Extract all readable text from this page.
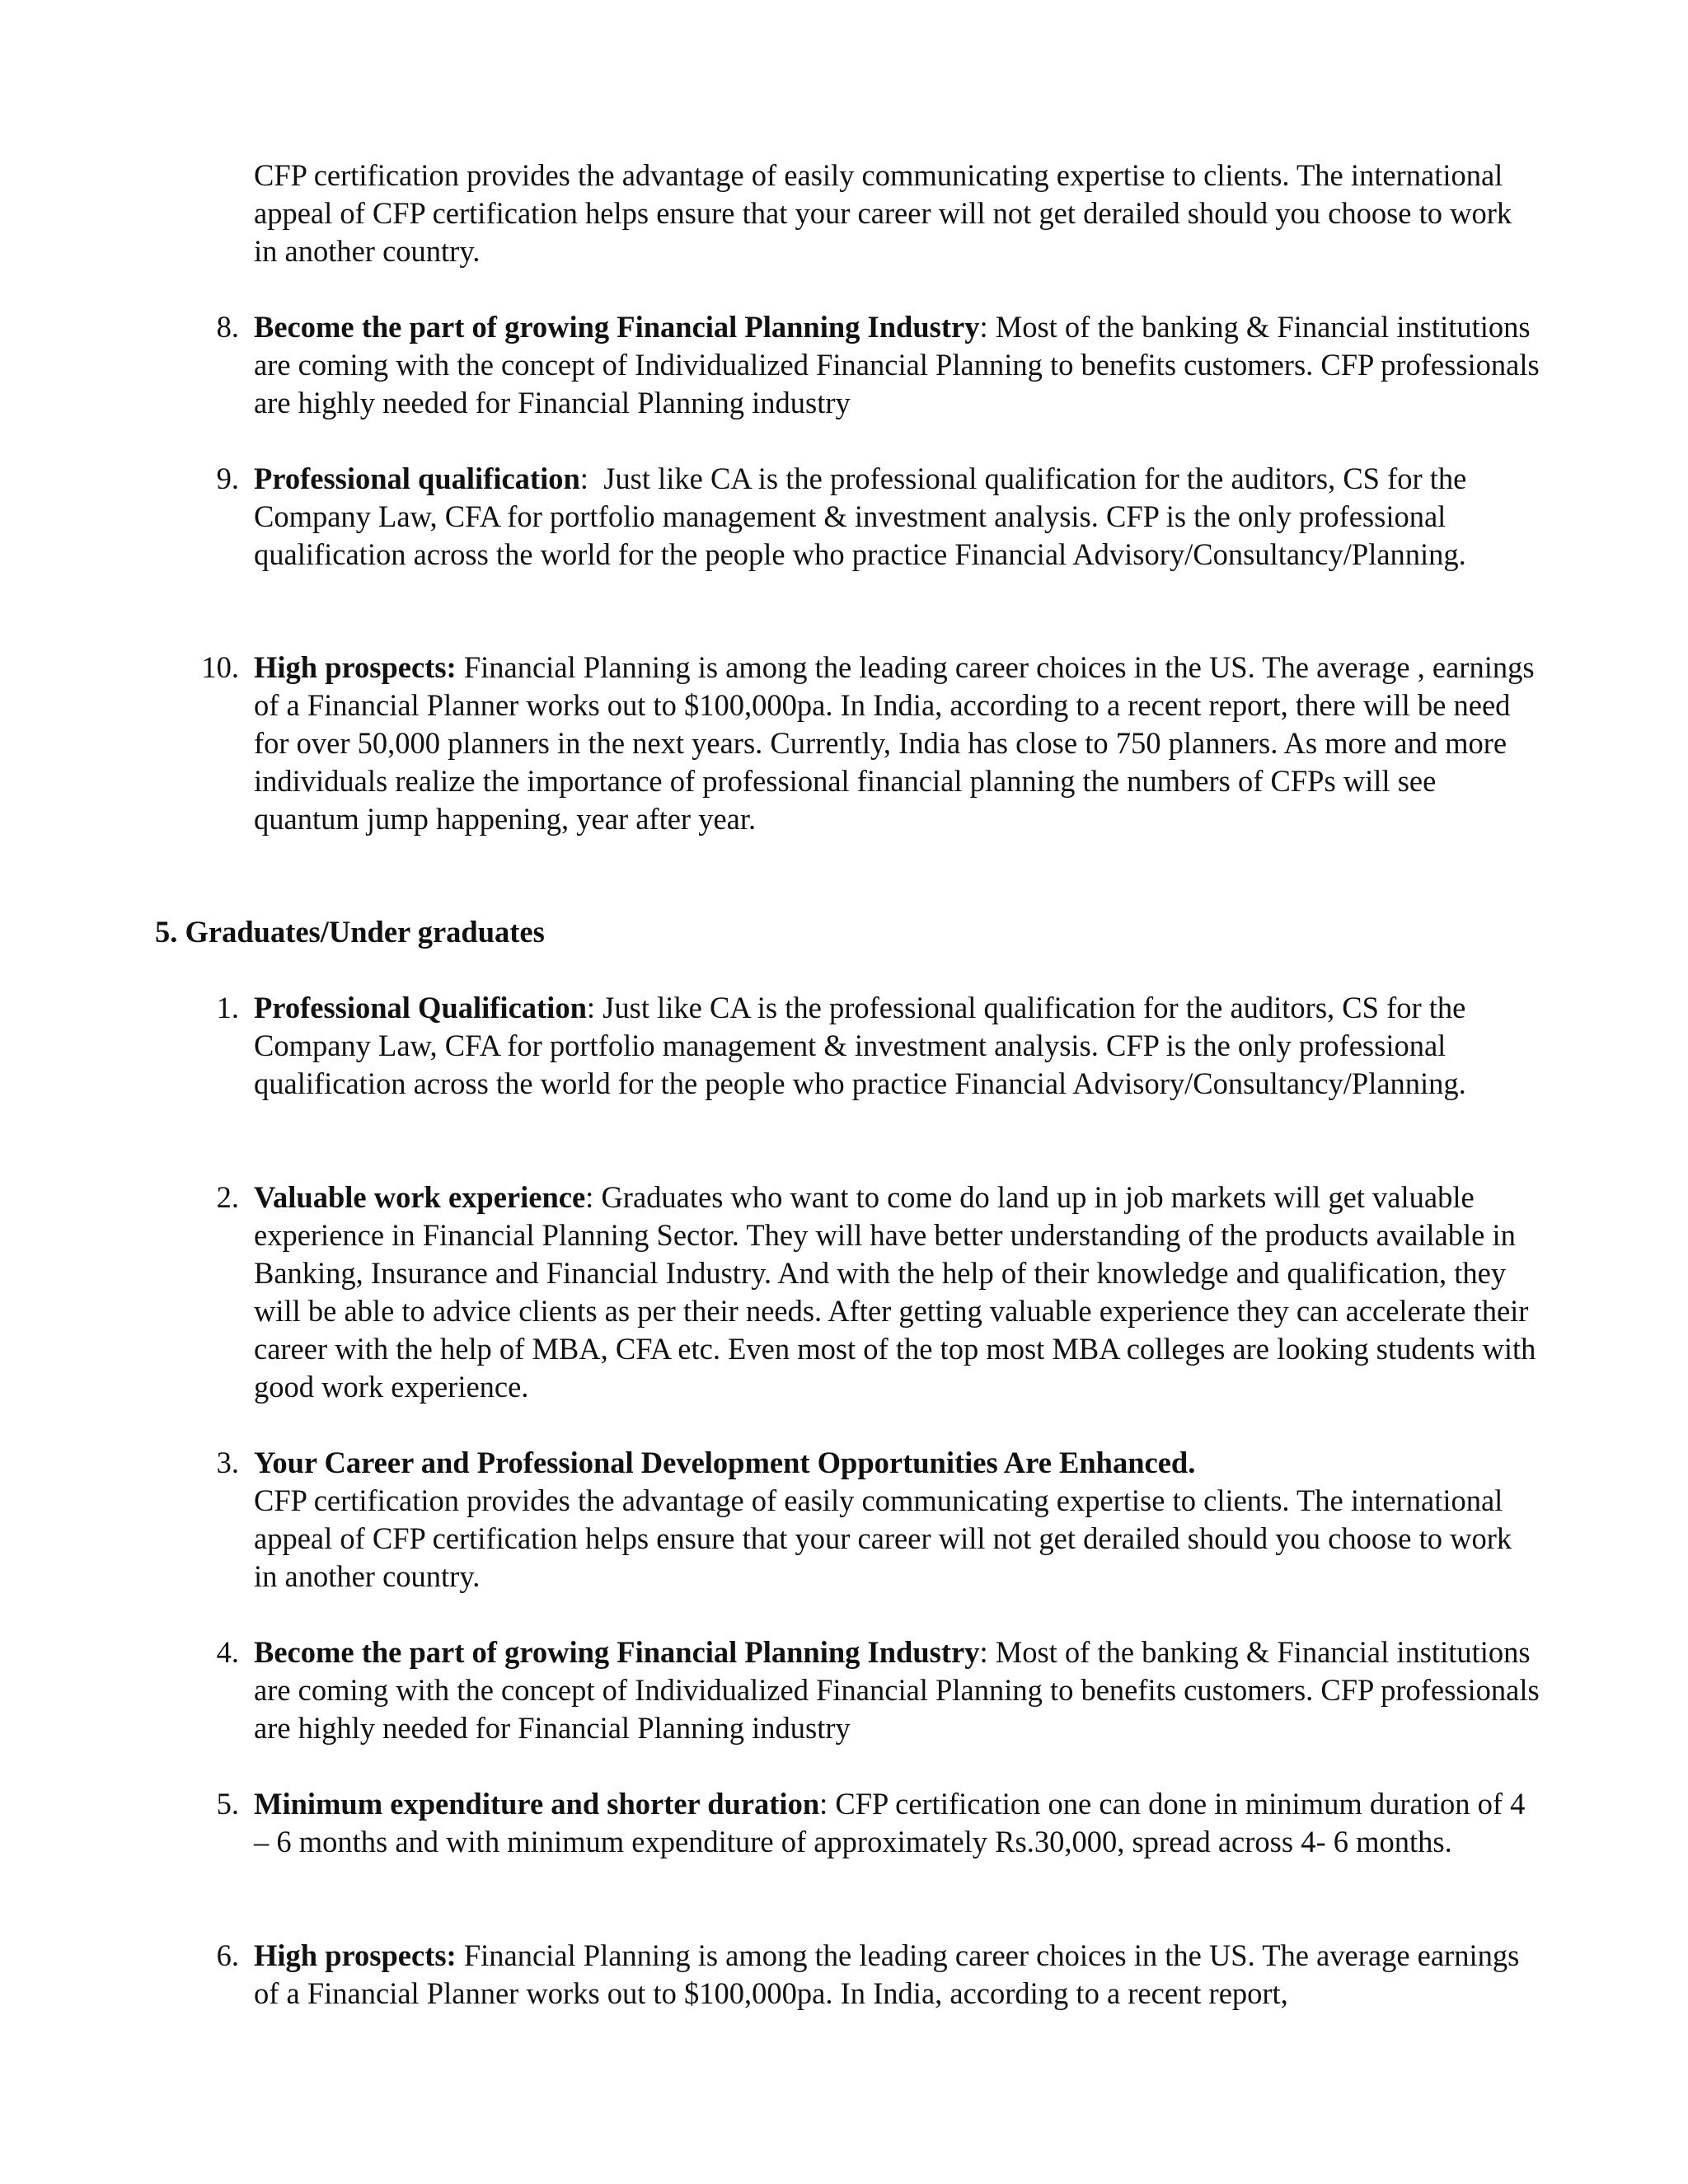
CFP certification provides the advantage of easily communicating expertise to clients. The international appeal of CFP certification helps ensure that your career will not get derailed should you choose to work in another country.

8. Become the part of growing Financial Planning Industry: Most of the banking & Financial institutions are coming with the concept of Individualized Financial Planning to benefits customers. CFP professionals are highly needed for Financial Planning industry
9. Professional qualification:  Just like CA is the professional qualification for the auditors, CS for the Company Law, CFA for portfolio management & investment analysis. CFP is the only professional qualification across the world for the people who practice Financial Advisory/Consultancy/Planning.
10. High prospects: Financial Planning is among the leading career choices in the US. The average , earnings of a Financial Planner works out to $100,000pa. In India, according to a recent report, there will be need for over 50,000 planners in the next years. Currently, India has close to 750 planners. As more and more individuals realize the importance of professional financial planning the numbers of CFPs will see quantum jump happening, year after year.
5. Graduates/Under graduates
1. Professional Qualification: Just like CA is the professional qualification for the auditors, CS for the Company Law, CFA for portfolio management & investment analysis. CFP is the only professional qualification across the world for the people who practice Financial Advisory/Consultancy/Planning.
2. Valuable work experience: Graduates who want to come do land up in job markets will get valuable experience in Financial Planning Sector. They will have better understanding of the products available in Banking, Insurance and Financial Industry. And with the help of their knowledge and qualification, they will be able to advice clients as per their needs. After getting valuable experience they can accelerate their career with the help of MBA, CFA etc. Even most of the top most MBA colleges are looking students with good work experience.
3. Your Career and Professional Development Opportunities Are Enhanced.
CFP certification provides the advantage of easily communicating expertise to clients. The international appeal of CFP certification helps ensure that your career will not get derailed should you choose to work in another country.
4. Become the part of growing Financial Planning Industry: Most of the banking & Financial institutions are coming with the concept of Individualized Financial Planning to benefits customers. CFP professionals are highly needed for Financial Planning industry
5. Minimum expenditure and shorter duration: CFP certification one can done in minimum duration of 4 – 6 months and with minimum expenditure of approximately Rs.30,000, spread across 4- 6 months.
6. High prospects: Financial Planning is among the leading career choices in the US. The average earnings of a Financial Planner works out to $100,000pa. In India, according to a recent report,
